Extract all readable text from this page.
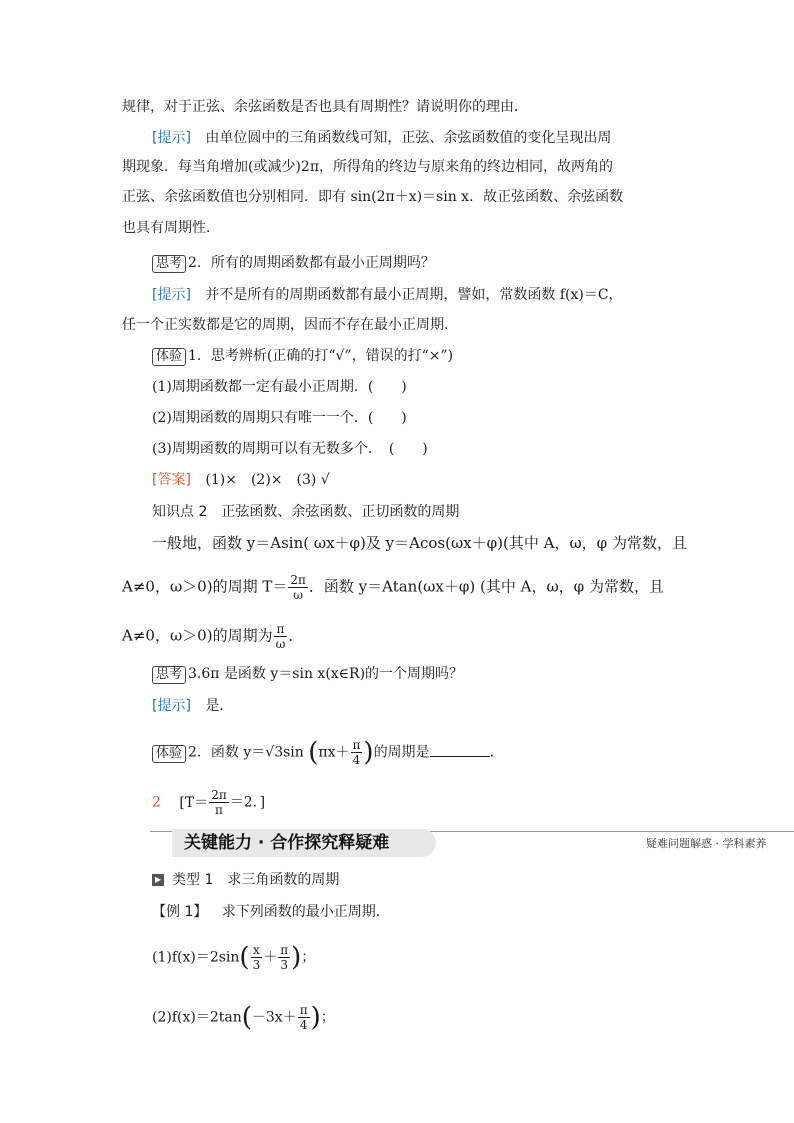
规律，对于正弦、余弦函数是否也具有周期性？请说明你的理由．
[提示] 由单位圆中的三角函数线可知，正弦、余弦函数值的变化呈现出周
期现象．每当角增加(或减少)2π，所得角的终边与原来角的终边相同，故两角的
正弦、余弦函数值也分别相同．即有 sin(2π＋x)＝sin x．故正弦函数、余弦函数
也具有周期性．
思考 2．所有的周期函数都有最小正周期吗？
[提示] 并不是所有的周期函数都有最小正周期，譬如，常数函数 f(x)＝C，
任一个正实数都是它的周期，因而不存在最小正周期．
体验 1．思考辨析(正确的打“√”，错误的打“×”)
(1)周期函数都一定有最小正周期．(　　)
(2)周期函数的周期只有唯一一个．(　　)
(3)周期函数的周期可以有无数多个．　(　　)
[答案] (1)×　(2)×　(3) √
知识点 2　正弦函数、余弦函数、正切函数的周期
一般地，函数 y＝Asin( ωx＋φ)及 y＝Acos(ωx＋φ)(其中 A，ω，φ 为常数，且
A≠0，ω＞0)的周期 $T= \frac{2\pi}{\omega}$ ．函数 y＝Atan(ωx＋φ) (其中 A，ω，φ 为常数，且
A≠0，ω＞0)的周期为 $\frac{\pi}{\omega}$ ．
思考 3.6π 是函数 y＝sin x(x∈R)的一个周期吗？
[提示] 是．
体验 2．函数 y＝√3sin ($\pi x+ \frac{\pi}{4}$ )的周期是	．
2 [$T= \frac{2\pi}{\pi} =2$．]
关键能力 · 合作探究释疑难	疑难问题解惑 · 学科素养
▶ 类型 1　求三角函数的周期
【例 1】 求下列函数的最小正周期．
$(1)f(x)=2\sin( \frac{x}{3} + \frac{\pi}{3}$ )；
$(2)f(x)=2\tan(-3x+ \frac{\pi}{4}$ )；
